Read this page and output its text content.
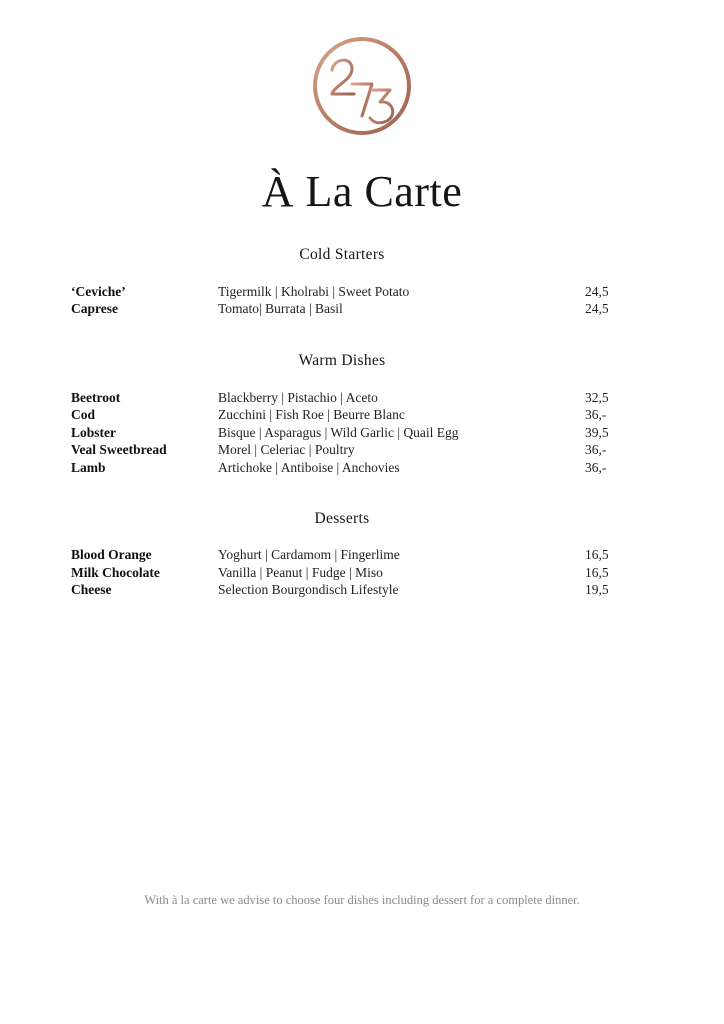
À La Carte
Cold Starters
‘Ceviche’	Tigermilk | Kholrabi | Sweet Potato	24,5
Caprese	Tomato| Burrata | Basil	24,5
Warm Dishes
Beetroot	Blackberry | Pistachio | Aceto	32,5
Cod	Zucchini | Fish Roe | Beurre Blanc	36,-
Lobster	Bisque | Asparagus | Wild Garlic | Quail Egg	39,5
Veal Sweetbread	Morel | Celeriac | Poultry	36,-
Lamb	Artichoke | Antiboise | Anchovies	36,-
Desserts
Blood Orange	Yoghurt | Cardamom | Fingerlime	16,5
Milk Chocolate	Vanilla | Peanut | Fudge | Miso	16,5
Cheese	Selection Bourgondisch Lifestyle	19,5
With à la carte we advise to choose four dishes including dessert for a complete dinner.
